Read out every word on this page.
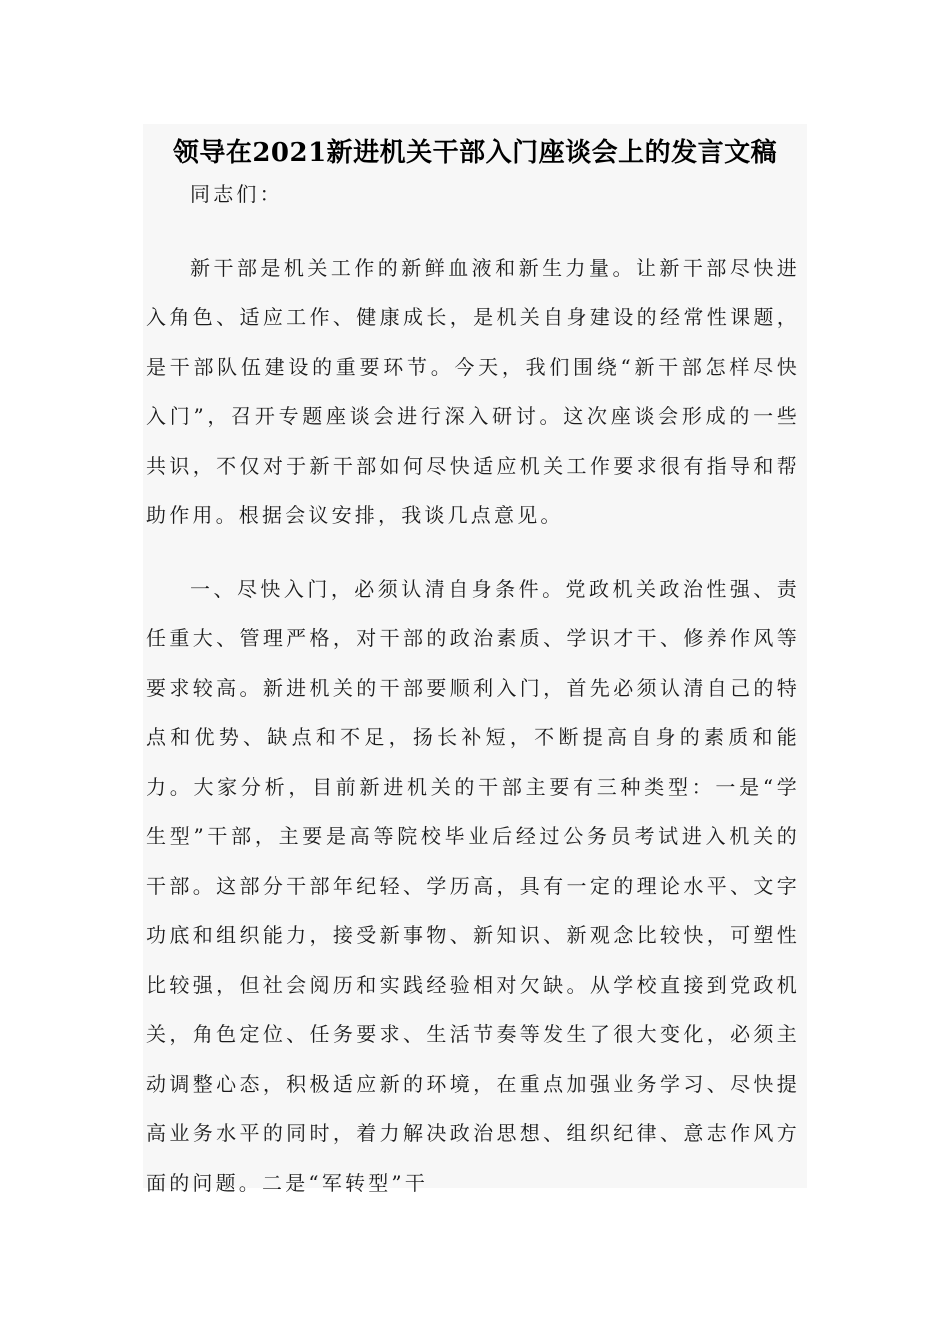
领导在2021新进机关干部入门座谈会上的发言文稿

同志们：

新干部是机关工作的新鲜血液和新生力量。让新干部尽快进入角色、适应工作、健康成长，是机关自身建设的经常性课题，是干部队伍建设的重要环节。今天，我们围绕“新干部怎样尽快入门”，召开专题座谈会进行深入研讨。这次座谈会形成的一些共识，不仅对于新干部如何尽快适应机关工作要求很有指导和帮助作用。根据会议安排，我谈几点意见。

一、尽快入门，必须认清自身条件。党政机关政治性强、责任重大、管理严格，对干部的政治素质、学识才干、修养作风等要求较高。新进机关的干部要顺利入门，首先必须认清自己的特点和优势、缺点和不足，扬长补短，不断提高自身的素质和能力。大家分析，目前新进机关的干部主要有三种类型：一是“学生型”干部，主要是高等院校毕业后经过公务员考试进入机关的干部。这部分干部年纪轻、学历高，具有一定的理论水平、文字功底和组织能力，接受新事物、新知识、新观念比较快，可塑性比较强，但社会阅历和实践经验相对欠缺。从学校直接到党政机关，角色定位、任务要求、生活节奏等发生了很大变化，必须主动调整心态，积极适应新的环境，在重点加强业务学习、尽快提高业务水平的同时，着力解决政治思想、组织纪律、意志作风方面的问题。二是“军转型”干
